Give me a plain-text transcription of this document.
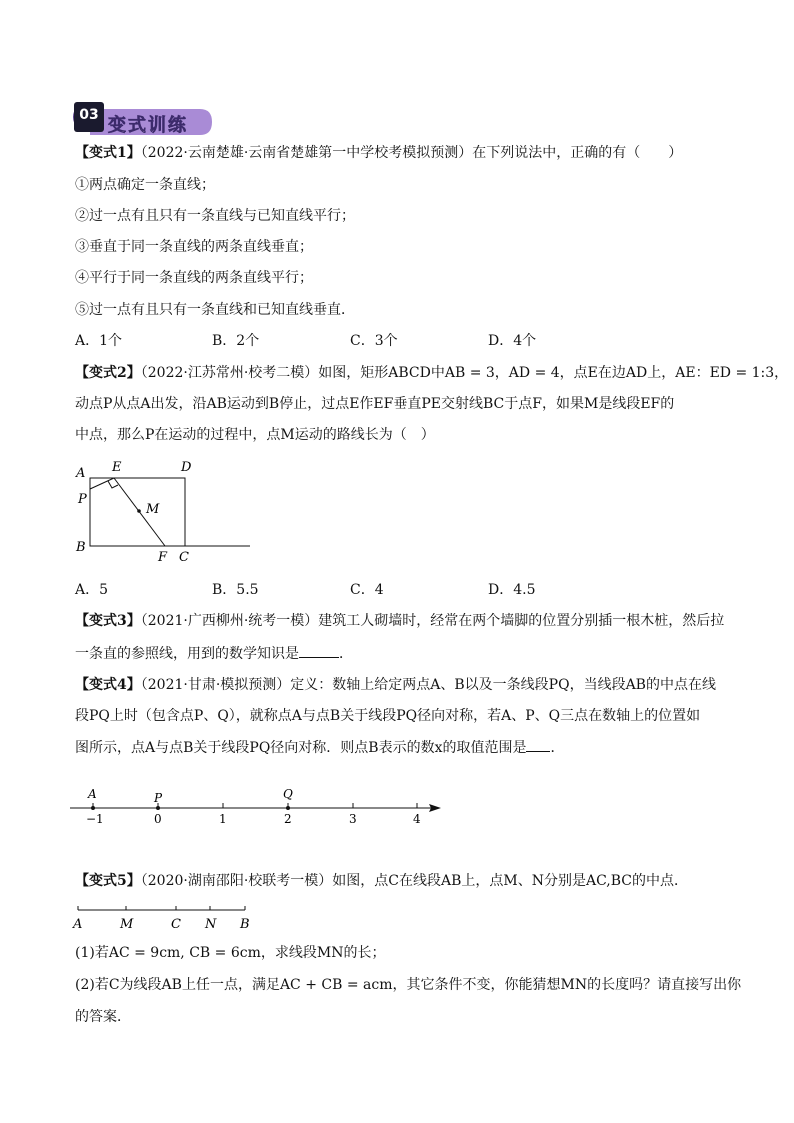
03 变式训练
【变式1】（2022·云南楚雄·云南省楚雄第一中学校考模拟预测）在下列说法中，正确的有（　　）
①两点确定一条直线；
②过一点有且只有一条直线与已知直线平行；
③垂直于同一条直线的两条直线垂直；
④平行于同一条直线的两条直线平行；
⑤过一点有且只有一条直线和已知直线垂直．
A．1个	B．2个	C．3个	D．4个
【变式2】（2022·江苏常州·校考二模）如图，矩形ABCD中AB = 3，AD = 4，点E在边AD上，AE：ED = 1:3，
动点P从点A出发，沿AB运动到B停止，过点E作EF垂直PE交射线BC于点F，如果M是线段EF的
中点，那么P在运动的过程中，点M运动的路线长为（　）
A E	D
P
M
B
F C
A．5	B．5.5	C．4	D．4.5
【变式3】（2021·广西柳州·统考一模）建筑工人砌墙时，经常在两个墙脚的位置分别插一根木桩，然后拉
一条直的参照线，用到的数学知识是	．
【变式4】（2021·甘肃·模拟预测）定义：数轴上给定两点A、B以及一条线段PQ，当线段AB的中点在线
段PQ上时（包含点P、Q），就称点A与点B关于线段PQ径向对称，若A、P、Q三点在数轴上的位置如
图所示，点A与点B关于线段PQ径向对称．则点B表示的数x的取值范围是 ．
A	P	Q
−1	0	1	2	3	4
【变式5】（2020·湖南邵阳·校联考一模）如图，点C在线段AB上，点M、N分别是AC,BC的中点．
A	M	C N B
(1)若AC = 9cm, CB = 6cm，求线段MN的长；
(2)若C为线段AB上任一点，满足AC + CB = acm，其它条件不变，你能猜想MN的长度吗？请直接写出你
的答案．
